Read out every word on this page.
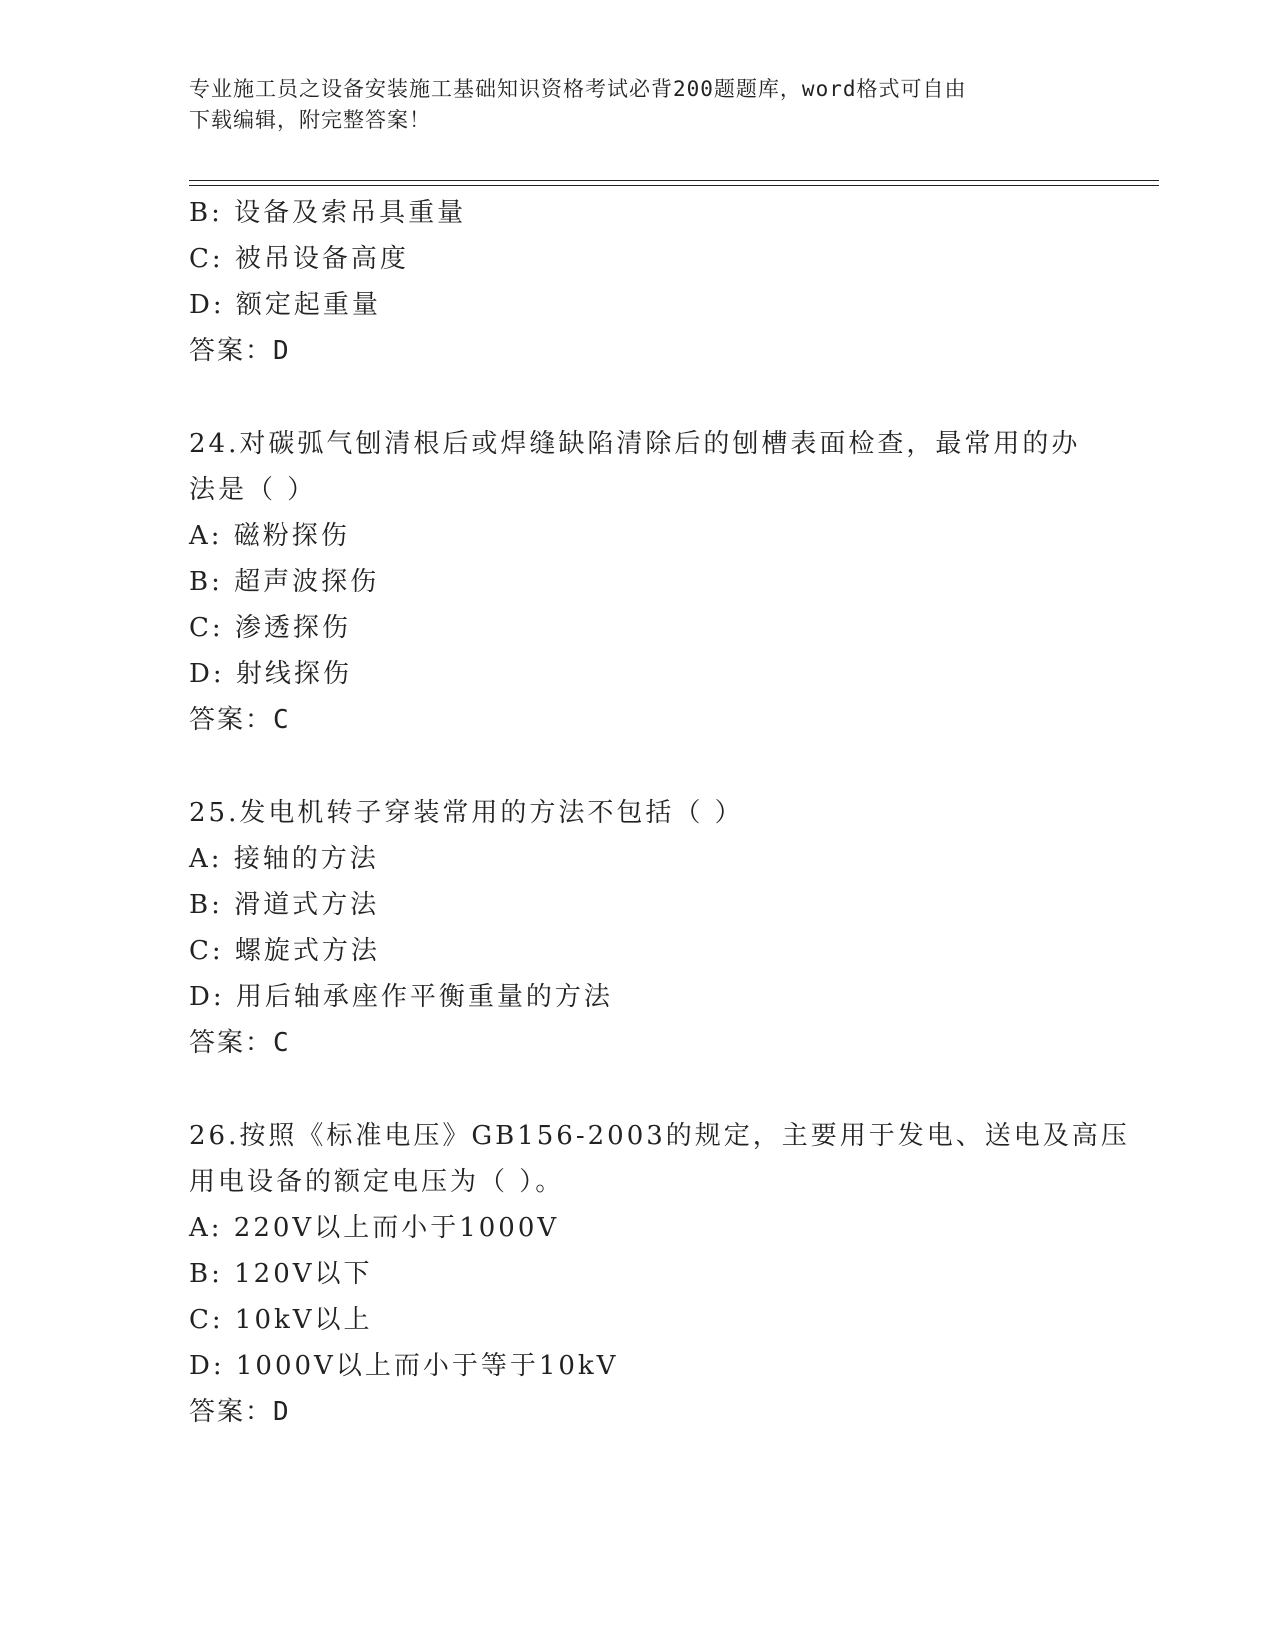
专业施工员之设备安装施工基础知识资格考试必背200题题库，word格式可自由
下载编辑，附完整答案！
B: 设备及索吊具重量
C: 被吊设备高度
D: 额定起重量
答案：D
24.对碳弧气刨清根后或焊缝缺陷清除后的刨槽表面检查，最常用的办
法是（ ）
A: 磁粉探伤
B: 超声波探伤
C: 渗透探伤
D: 射线探伤
答案：C
25.发电机转子穿装常用的方法不包括（ ）
A: 接轴的方法
B: 滑道式方法
C: 螺旋式方法
D: 用后轴承座作平衡重量的方法
答案：C
26.按照《标准电压》GB156-2003的规定，主要用于发电、送电及高压
用电设备的额定电压为（ ）。
A: 220V以上而小于1000V
B: 120V以下
C: 10kV以上
D: 1000V以上而小于等于10kV
答案：D
